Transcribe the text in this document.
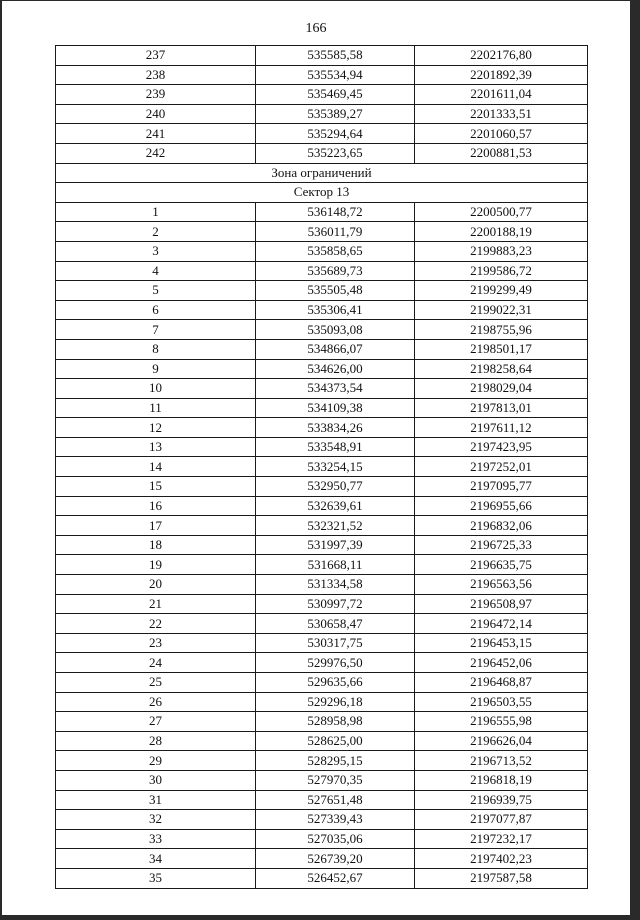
166
237	535585,58	2202176,80
238	535534,94	2201892,39
239	535469,45	2201611,04
240	535389,27	2201333,51
241	535294,64	2201060,57
242	535223,65	2200881,53
Зона ограничений		
Сектор 13		
1	536148,72	2200500,77
2	536011,79	2200188,19
3	535858,65	2199883,23
4	535689,73	2199586,72
5	535505,48	2199299,49
6	535306,41	2199022,31
7	535093,08	2198755,96
8	534866,07	2198501,17
9	534626,00	2198258,64
10	534373,54	2198029,04
11	534109,38	2197813,01
12	533834,26	2197611,12
13	533548,91	2197423,95
14	533254,15	2197252,01
15	532950,77	2197095,77
16	532639,61	2196955,66
17	532321,52	2196832,06
18	531997,39	2196725,33
19	531668,11	2196635,75
20	531334,58	2196563,56
21	530997,72	2196508,97
22	530658,47	2196472,14
23	530317,75	2196453,15
24	529976,50	2196452,06
25	529635,66	2196468,87
26	529296,18	2196503,55
27	528958,98	2196555,98
28	528625,00	2196626,04
29	528295,15	2196713,52
30	527970,35	2196818,19
31	527651,48	2196939,75
32	527339,43	2197077,87
33	527035,06	2197232,17
34	526739,20	2197402,23
35	526452,67	2197587,58
